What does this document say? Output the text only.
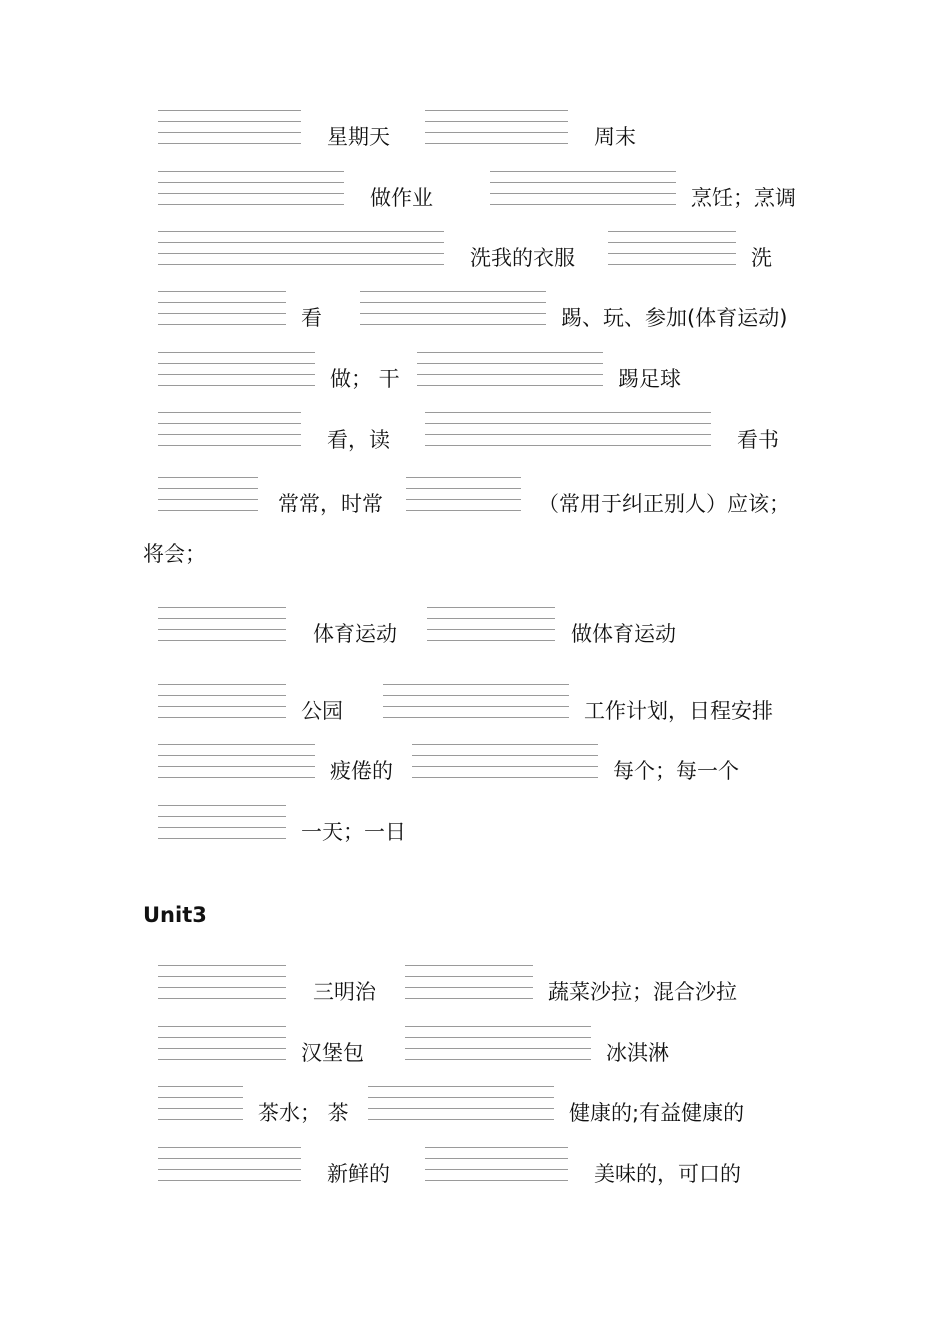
星期天	周末
做作业	烹饪；烹调
洗我的衣服	洗
看	踢、玩、参加(体育运动)
做； 干	踢足球
看，读	看书
常常，时常	（常用于纠正别人）应该；
将会；
体育运动	做体育运动
公园	工作计划，日程安排
疲倦的	每个；每一个
一天；一日
Unit3
三明治	蔬菜沙拉；混合沙拉
汉堡包	冰淇淋
茶水； 茶	健康的;有益健康的
新鲜的	美味的，可口的
